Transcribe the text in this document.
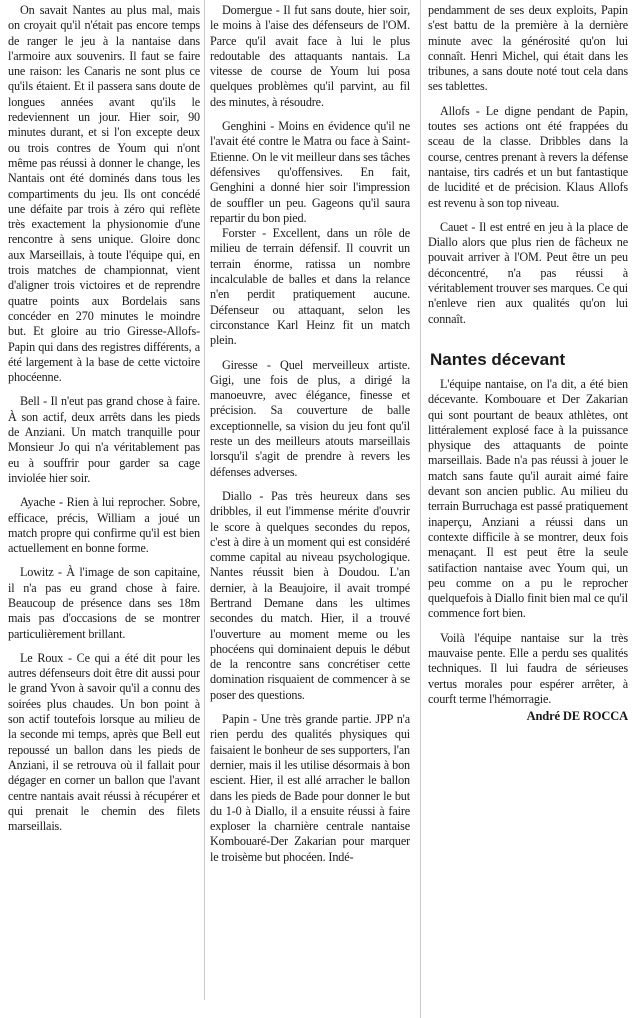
On savait Nantes au plus mal, mais on croyait qu'il n'était pas encore temps de ranger le jeu à la nantaise dans l'armoire aux souvenirs. Il faut se faire une raison: les Canaris ne sont plus ce qu'ils étaient. Et il passera sans doute de longues années avant qu'ils le redeviennent un jour. Hier soir, 90 minutes durant, et si l'on excepte deux ou trois contres de Youm qui n'ont même pas réussi à donner le change, les Nantais ont été dominés dans tous les compartiments du jeu. Ils ont concédé une défaite par trois à zéro qui reflète très exactement la physionomie d'une rencontre à sens unique. Gloire donc aux Marseillais, à toute l'équipe qui, en trois matches de championnat, vient d'aligner trois victoires et de reprendre quatre points aux Bordelais sans concéder en 270 minutes le moindre but. Et gloire au trio Giresse-Allofs-Papin qui dans des registres différents, a été largement à la base de cette victoire phocéenne.

Bell - Il n'eut pas grand chose à faire. À son actif, deux arrêts dans les pieds de Anziani. Un match tranquille pour Monsieur Jo qui n'a véritablement pas eu à souffrir pour garder sa cage inviolée hier soir.

Ayache - Rien à lui reprocher. Sobre, efficace, précis, William a joué un match propre qui confirme qu'il est bien actuellement en bonne forme.

Lowitz - À l'image de son capitaine, il n'a pas eu grand chose à faire. Beaucoup de présence dans ses 18m mais pas d'occasions de se montrer particulièrement brillant.

Le Roux - Ce qui a été dit pour les autres défenseurs doit être dit aussi pour le grand Yvon à savoir qu'il a connu des soirées plus chaudes. Un bon point à son actif toutefois lorsque au milieu de la seconde mi temps, après que Bell eut repoussé un ballon dans les pieds de Anziani, il se retrouva où il fallait pour dégager en corner un ballon que l'avant centre nantais avait réussi à récupérer et qui prenait le chemin des filets marseillais.

Domergue - Il fut sans doute, hier soir, le moins à l'aise des défenseurs de l'OM. Parce qu'il avait face à lui le plus redoutable des attaquants nantais. La vitesse de course de Youm lui posa quelques problèmes qu'il parvint, au fil des minutes, à résoudre.

Genghini - Moins en évidence qu'il ne l'avait été contre le Matra ou face à Saint-Etienne. On le vit meilleur dans ses tâches défensives qu'offensives. En fait, Genghini a donné hier soir l'impression de souffler un peu. Gageons qu'il saura repartir du bon pied.

Forster - Excellent, dans un rôle de milieu de terrain défensif. Il couvrit un terrain énorme, ratissa un nombre incalculable de balles et dans la relance n'en perdit pratiquement aucune. Défenseur ou attaquant, selon les circonstance Karl Heinz fit un match plein.

Giresse - Quel merveilleux artiste. Gigi, une fois de plus, a dirigé la manoeuvre, avec élégance, finesse et précision. Sa couverture de balle exceptionnelle, sa vision du jeu font qu'il reste un des meilleurs atouts marseillais lorsqu'il s'agit de prendre à revers les défenses adverses.

Diallo - Pas très heureux dans ses dribbles, il eut l'immense mérite d'ouvrir le score à quelques secondes du repos, c'est à dire à un moment qui est considéré comme capital au niveau psychologique. Nantes réussit bien à Doudou. L'an dernier, à la Beaujoire, il avait trompé Bertrand Demane dans les ultimes secondes du match. Hier, il a trouvé l'ouverture au moment meme ou les phocéens qui dominaient depuis le début de la rencontre sans concrétiser cette domination risquaient de commencer à se poser des questions.

Papin - Une très grande partie. JPP n'a rien perdu des qualités physiques qui faisaient le bonheur de ses supporters, l'an dernier, mais il les utilise désormais à bon escient. Hier, il est allé arracher le ballon dans les pieds de Bade pour donner le but du 1-0 à Diallo, il a ensuite réussi à faire exploser la charnière centrale nantaise Kombouaré-Der Zakarian pour marquer le troisème but phocéen. Indé-

pendamment de ses deux exploits, Papin s'est battu de la première à la dernière minute avec la générosité qu'on lui connaît. Henri Michel, qui était dans les tribunes, a sans doute noté tout cela dans ses tablettes.

Allofs - Le digne pendant de Papin, toutes ses actions ont été frappées du sceau de la classe. Dribbles dans la course, centres prenant à revers la défense nantaise, tirs cadrés et un but fantastique de lucidité et de précision. Klaus Allofs est revenu à son top niveau.

Cauet - Il est entré en jeu à la place de Diallo alors que plus rien de fâcheux ne pouvait arriver à l'OM. Peut être un peu déconcentré, n'a pas réussi à véritablement trouver ses marques. Ce qui n'enleve rien aux qualités qu'on lui connaît.

Nantes décevant

L'équipe nantaise, on l'a dit, a été bien décevante. Kombouare et Der Zakarian qui sont pourtant de beaux athlètes, ont littéralement explosé face à la puissance physique des attaquants de pointe marseillais. Bade n'a pas réussi à jouer le match sans faute qu'il aurait aimé faire devant son ancien public. Au milieu du terrain Burruchaga est passé pratiquement inaperçu, Anziani a réussi dans un contexte difficile à se montrer, deux fois menaçant. Il est peut être la seule satifaction nantaise avec Youm qui, un peu comme on a pu le reprocher quelquefois à Diallo finit bien mal ce qu'il commence fort bien.

Voilà l'équipe nantaise sur la très mauvaise pente. Elle a perdu ses qualités techniques. Il lui faudra de sérieuses vertus morales pour espérer arrêter, à courft terme l'hémorragie.

André DE ROCCA
